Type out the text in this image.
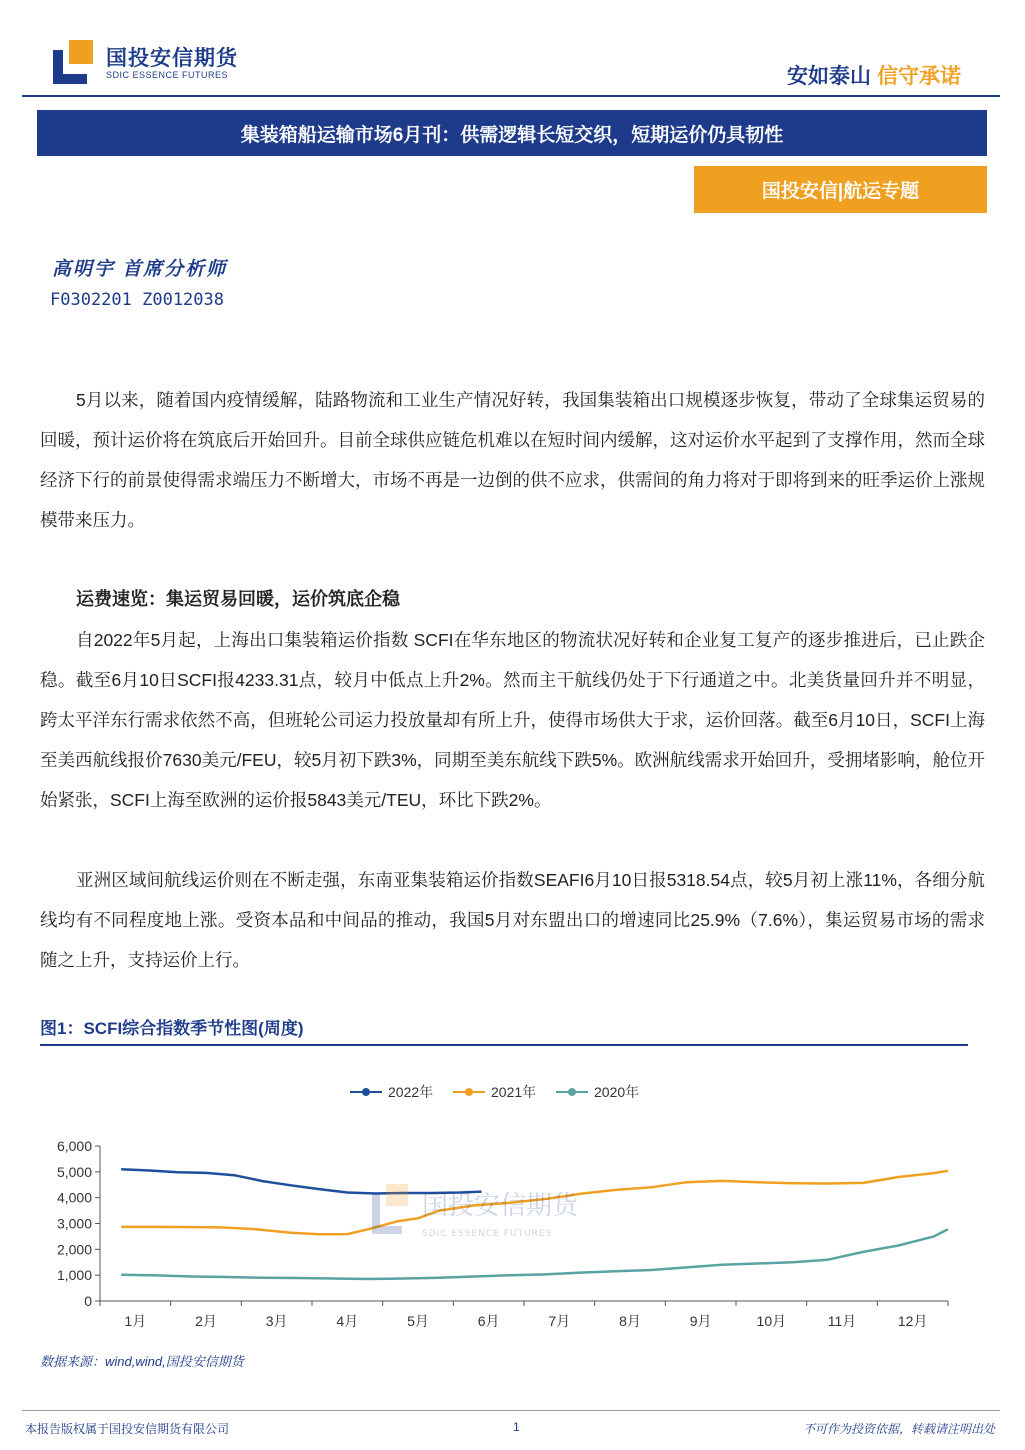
国投安信期货
SDIC ESSENCE FUTURES	安如泰山 信守承诺
集装箱船运输市场6月刊：供需逻辑长短交织，短期运价仍具韧性
国投安信|航运专题
高明宇 首席分析师
F0302201 Z0012038

5月以来，随着国内疫情缓解，陆路物流和工业生产情况好转，我国集装箱出口规模逐步恢复，带动了全球集运贸易的回暖，预计运价将在筑底后开始回升。目前全球供应链危机难以在短时间内缓解，这对运价水平起到了支撑作用，然而全球经济下行的前景使得需求端压力不断增大，市场不再是一边倒的供不应求，供需间的角力将对于即将到来的旺季运价上涨规模带来压力。

运费速览：集运贸易回暖，运价筑底企稳

自2022年5月起，上海出口集装箱运价指数 SCFI在华东地区的物流状况好转和企业复工复产的逐步推进后，已止跌企稳。截至6月10日SCFI报4233.31点，较月中低点上升2%。然而主干航线仍处于下行通道之中。北美货量回升并不明显，跨太平洋东行需求依然不高，但班轮公司运力投放量却有所上升，使得市场供大于求，运价回落。截至6月10日，SCFI上海至美西航线报价7630美元/FEU，较5月初下跌3%，同期至美东航线下跌5%。欧洲航线需求开始回升，受拥堵影响，舱位开始紧张，SCFI上海至欧洲的运价报5843美元/TEU，环比下跌2%。

亚洲区域间航线运价则在不断走强，东南亚集装箱运价指数SEAFI6月10日报5318.54点，较5月初上涨11%，各细分航线均有不同程度地上涨。受资本品和中间品的推动，我国5月对东盟出口的增速同比25.9%（7.6%），集运贸易市场的需求随之上升，支持运价上行。

图1：SCFI综合指数季节性图(周度)
2022年	2021年	2020年
0
1,000
2,000
3,000
4,000
5,000
6,000
1月	2月	3月	4月	5月	6月	7月	8月	9月	10月	11月	12月
国投安信期货
SDIC ESSENCE FUTURES
数据来源：wind,wind,国投安信期货
本报告版权属于国投安信期货有限公司	1	不可作为投资依据，转载请注明出处
